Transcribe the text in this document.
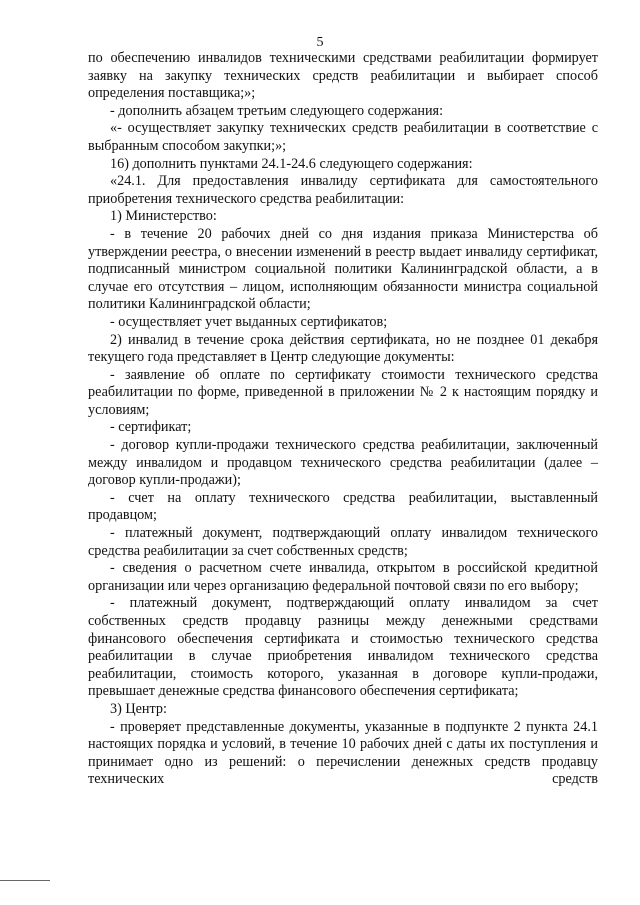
5

по обеспечению инвалидов техническими средствами реабилитации формирует заявку на закупку технических средств реабилитации и выбирает способ определения поставщика;»;

- дополнить абзацем третьим следующего содержания:

«- осуществляет закупку технических средств реабилитации в соответствие с выбранным способом закупки;»;

16) дополнить пунктами 24.1-24.6 следующего содержания:

«24.1. Для предоставления инвалиду сертификата для самостоятельного приобретения технического средства реабилитации:

1) Министерство:

- в течение 20 рабочих дней со дня издания приказа Министерства об утверждении реестра, о внесении изменений в реестр выдает инвалиду сертификат, подписанный министром социальной политики Калининградской области, а в случае его отсутствия – лицом, исполняющим обязанности министра социальной политики Калининградской области;

- осуществляет учет выданных сертификатов;

2) инвалид в течение срока действия сертификата, но не позднее 01 декабря текущего года представляет в Центр следующие документы:

- заявление об оплате по сертификату стоимости технического средства реабилитации по форме, приведенной в приложении № 2 к настоящим порядку и условиям;

- сертификат;

- договор купли-продажи технического средства реабилитации, заключенный между инвалидом и продавцом технического средства реабилитации (далее – договор купли-продажи);

- счет на оплату технического средства реабилитации, выставленный продавцом;

- платежный документ, подтверждающий оплату инвалидом технического средства реабилитации за счет собственных средств;

- сведения о расчетном счете инвалида, открытом в российской кредитной организации или через организацию федеральной почтовой связи по его выбору;

- платежный документ, подтверждающий оплату инвалидом за счет собственных средств продавцу разницы между денежными средствами финансового обеспечения сертификата и стоимостью технического средства реабилитации в случае приобретения инвалидом технического средства реабилитации, стоимость которого, указанная в договоре купли-продажи, превышает денежные средства финансового обеспечения сертификата;

3) Центр:

- проверяет представленные документы, указанные в подпункте 2 пункта 24.1 настоящих порядка и условий, в течение 10 рабочих дней с даты их поступления и принимает одно из решений: о перечислении денежных средств продавцу технических средств
